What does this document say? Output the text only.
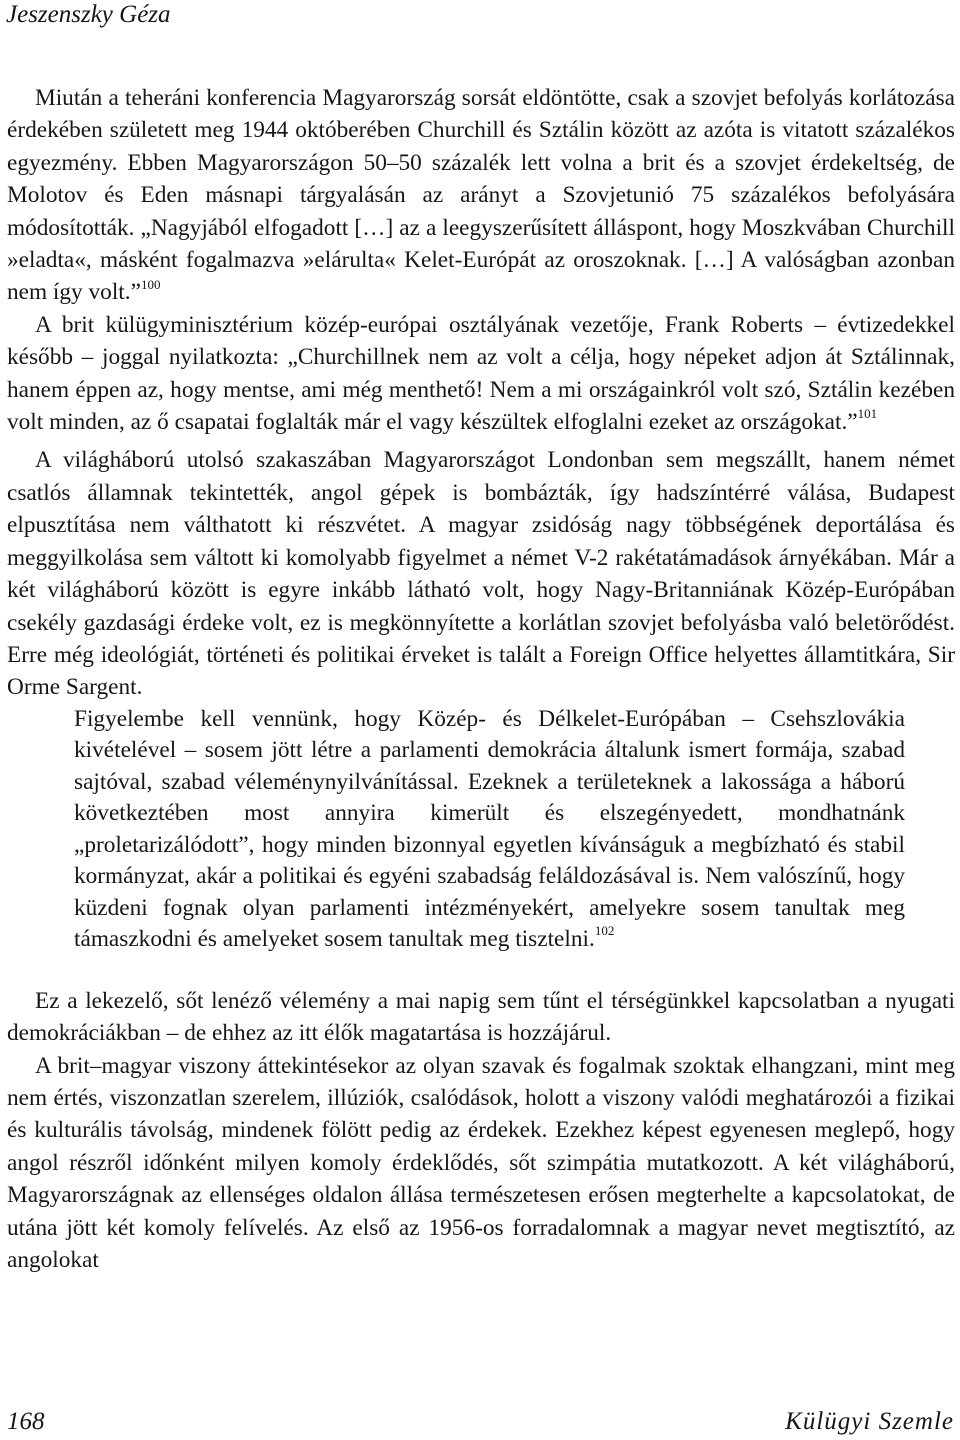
Jeszenszky Géza

Miután a teheráni konferencia Magyarország sorsát eldöntötte, csak a szovjet befolyás korlátozása érdekében született meg 1944 októberében Churchill és Sztálin között az azóta is vitatott százalékos egyezmény. Ebben Magyarországon 50–50 százalék lett volna a brit és a szovjet érdekeltség, de Molotov és Eden másnapi tárgyalásán az arányt a Szovjetunió 75 százalékos befolyására módosították. „Nagyjából elfogadott […] az a leegyszerűsített álláspont, hogy Moszkvában Churchill »eladta«, másként fogalmazva »elárulta« Kelet-Európát az oroszoknak. […] A valóságban azonban nem így volt.”$^{100}$

A brit külügyminisztérium közép-európai osztályának vezetője, Frank Roberts – évtizedekkel később – joggal nyilatkozta: „Churchillnek nem az volt a célja, hogy népeket adjon át Sztálinnak, hanem éppen az, hogy mentse, ami még menthető! Nem a mi országainkról volt szó, Sztálin kezében volt minden, az ő csapatai foglalták már el vagy készültek elfoglalni ezeket az országokat.”$^{101}$

A világháború utolsó szakaszában Magyarországot Londonban sem megszállt, hanem német csatlós államnak tekintették, angol gépek is bombázták, így hadszíntérré válása, Budapest elpusztítása nem válthatott ki részvétet. A magyar zsidóság nagy többségének deportálása és meggyilkolása sem váltott ki komolyabb figyelmet a német V-2 rakétatámadások árnyékában. Már a két világháború között is egyre inkább látható volt, hogy Nagy-Britanniának Közép-Európában csekély gazdasági érdeke volt, ez is megkönnyítette a korlátlan szovjet befolyásba való beletörődést. Erre még ideológiát, történeti és politikai érveket is talált a Foreign Office helyettes államtitkára, Sir Orme Sargent.

Figyelembe kell vennünk, hogy Közép- és Délkelet-Európában – Csehszlovákia kivételével – sosem jött létre a parlamenti demokrácia általunk ismert formája, szabad sajtóval, szabad véleménynyilvánítással. Ezeknek a területeknek a lakossága a háború következtében most annyira kimerült és elszegényedett, mondhatnánk „proletarizálódott”, hogy minden bizonnyal egyetlen kívánságuk a megbízható és stabil kormányzat, akár a politikai és egyéni szabadság feláldozásával is. Nem valószínű, hogy küzdeni fognak olyan parlamenti intézményekért, amelyekre sosem tanultak meg támaszkodni és amelyeket sosem tanultak meg tisztelni.$^{102}$

Ez a lekezelő, sőt lenéző vélemény a mai napig sem tűnt el térségünkkel kapcsolatban a nyugati demokráciákban – de ehhez az itt élők magatartása is hozzájárul.

A brit–magyar viszony áttekintésekor az olyan szavak és fogalmak szoktak elhangzani, mint meg nem értés, viszonzatlan szerelem, illúziók, csalódások, holott a viszony valódi meghatározói a fizikai és kulturális távolság, mindenek fölött pedig az érdekek. Ezekhez képest egyenesen meglepő, hogy angol részről időnként milyen komoly érdeklődés, sőt szimpátia mutatkozott. A két világháború, Magyarországnak az ellenséges oldalon állása természetesen erősen megterhelte a kapcsolatokat, de utána jött két komoly felívelés. Az első az 1956-os forradalomnak a magyar nevet megtisztító, az angolokat

168	Külügyi Szemle
